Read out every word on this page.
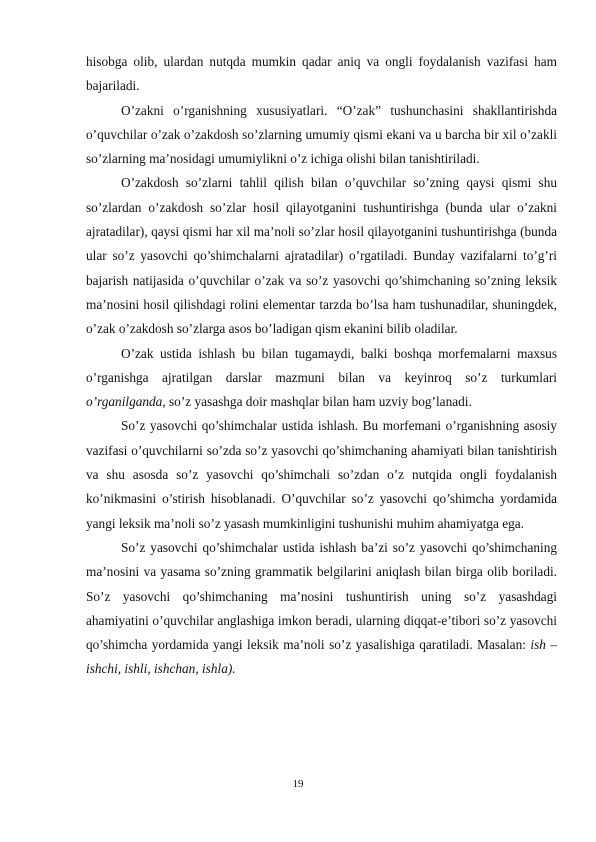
hisobga olib, ulardan nutqda mumkin qadar aniq va ongli foydalanish vazifasi ham bajariladi.

O’zakni o’rganishning xususiyatlari. “O’zak” tushunchasini shakllantirishda o’quvchilar o’zak o’zakdosh so’zlarning umumiy qismi ekani va u barcha bir xil o’zakli so’zlarning ma’nosidagi umumiylikni o’z ichiga olishi bilan tanishtiriladi.

O’zakdosh so’zlarni tahlil qilish bilan o’quvchilar so’zning qaysi qismi shu so’zlardan o’zakdosh so’zlar hosil qilayotganini tushuntirishga (bunda ular o’zakni ajratadilar), qaysi qismi har xil ma’noli so’zlar hosil qilayotganini tushuntirishga (bunda ular so’z yasovchi qo’shimchalarni ajratadilar) o’rgatiladi. Bunday vazifalarni to’g’ri bajarish natijasida o’quvchilar o’zak va so’z yasovchi qo’shimchaning so’zning leksik ma’nosini hosil qilishdagi rolini elementar tarzda bo’lsa ham tushunadilar, shuningdek, o’zak o’zakdosh so’zlarga asos bo’ladigan qism ekanini bilib oladilar.

O’zak ustida ishlash bu bilan tugamaydi, balki boshqa morfemalarni maxsus o’rganishga ajratilgan darslar mazmuni bilan va keyinroq so’z turkumlari o’rganilganda, so’z yasashga doir mashqlar bilan ham uzviy bog’lanadi.

So’z yasovchi qo’shimchalar ustida ishlash. Bu morfemani o’rganishning asosiy vazifasi o’quvchilarni so’zda so’z yasovchi qo’shimchaning ahamiyati bilan tanishtirish va shu asosda so’z yasovchi qo’shimchali so’zdan o’z nutqida ongli foydalanish ko’nikmasini o’stirish hisoblanadi. O’quvchilar so’z yasovchi qo’shimcha yordamida yangi leksik ma’noli so’z yasash mumkinligini tushunishi muhim ahamiyatga ega.

So’z yasovchi qo’shimchalar ustida ishlash ba’zi so’z yasovchi qo’shimchaning ma’nosini va yasama so’zning grammatik belgilarini aniqlash bilan birga olib boriladi. So’z yasovchi qo’shimchaning ma’nosini tushuntirish uning so’z yasashdagi ahamiyatini o’quvchilar anglashiga imkon beradi, ularning diqqat-e’tibori so’z yasovchi qo’shimcha yordamida yangi leksik ma’noli so’z yasalishiga qaratiladi. Masalan: ish – ishchi, ishli, ishchan, ishla).

19
